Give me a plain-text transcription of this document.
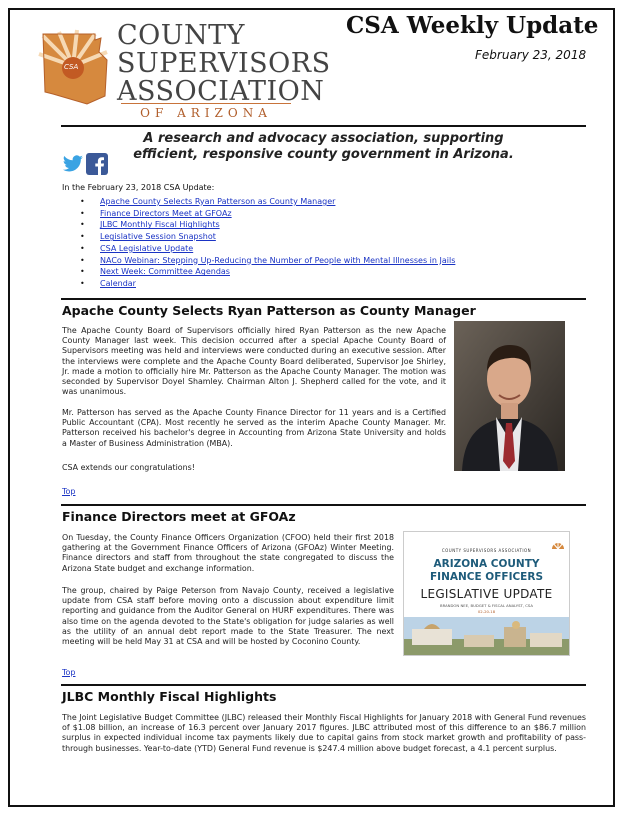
CSA
COUNTY
SUPERVISORS
ASSOCIATION
OF ARIZONA
CSA Weekly Update
February 23, 2018
A research and advocacy association, supporting
efficient, responsive county government in Arizona.
In the February 23, 2018 CSA Update:
• Apache County Selects Ryan Patterson as County Manager
• Finance Directors Meet at GFOAz
• JLBC Monthly Fiscal Highlights
• Legislative Session Snapshot
• CSA Legislative Update
• NACo Webinar: Stepping Up-Reducing the Number of People with Mental Illnesses in Jails
• Next Week: Committee Agendas
• Calendar
Apache County Selects Ryan Patterson as County Manager
The Apache County Board of Supervisors officially hired Ryan Patterson as the new Apache County Manager last week. This decision occurred after a special Apache County Board of Supervisors meeting was held and interviews were conducted during an executive session. After the interviews were complete and the Apache County Board deliberated, Supervisor Joe Shirley, Jr. made a motion to officially hire Mr. Patterson as the Apache County Manager. The motion was seconded by Supervisor Doyel Shamley. Chairman Alton J. Shepherd called for the vote, and it was unanimous.
Mr. Patterson has served as the Apache County Finance Director for 11 years and is a Certified Public Accountant (CPA). Most recently he served as the interim Apache County Manager. Mr. Patterson received his bachelor's degree in Accounting from Arizona State University and holds a Master of Business Administration (MBA).
CSA extends our congratulations!
Top
Finance Directors meet at GFOAz
On Tuesday, the County Finance Officers Organization (CFOO) held their first 2018 gathering at the Government Finance Officers of Arizona (GFOAz) Winter Meeting. Finance directors and staff from throughout the state congregated to discuss the Arizona State budget and exchange information.
The group, chaired by Paige Peterson from Navajo County, received a legislative update from CSA staff before moving onto a discussion about expenditure limit reporting and guidance from the Auditor General on HURF expenditures. There was also time on the agenda devoted to the State's obligation for judge salaries as well as the utility of an annual debt report made to the State Treasurer. The next meeting will be held May 31 at CSA and will be hosted by Coconino County.
COUNTY SUPERVISORS ASSOCIATION
ARIZONA COUNTY
FINANCE OFFICERS
LEGISLATIVE UPDATE
BRANDON NEE, BUDGET & FISCAL ANALYST, CSA
02-20-18
Top
JLBC Monthly Fiscal Highlights
The Joint Legislative Budget Committee (JLBC) released their Monthly Fiscal Highlights for January 2018 with General Fund revenues of $1.08 billion, an increase of 16.3 percent over January 2017 figures. JLBC attributed most of this difference to an $86.7 million surplus in expected individual income tax payments likely due to capital gains from stock market growth and profitability of pass-through businesses. Year-to-date (YTD) General Fund revenue is $247.4 million above budget forecast, a 4.1 percent surplus.
